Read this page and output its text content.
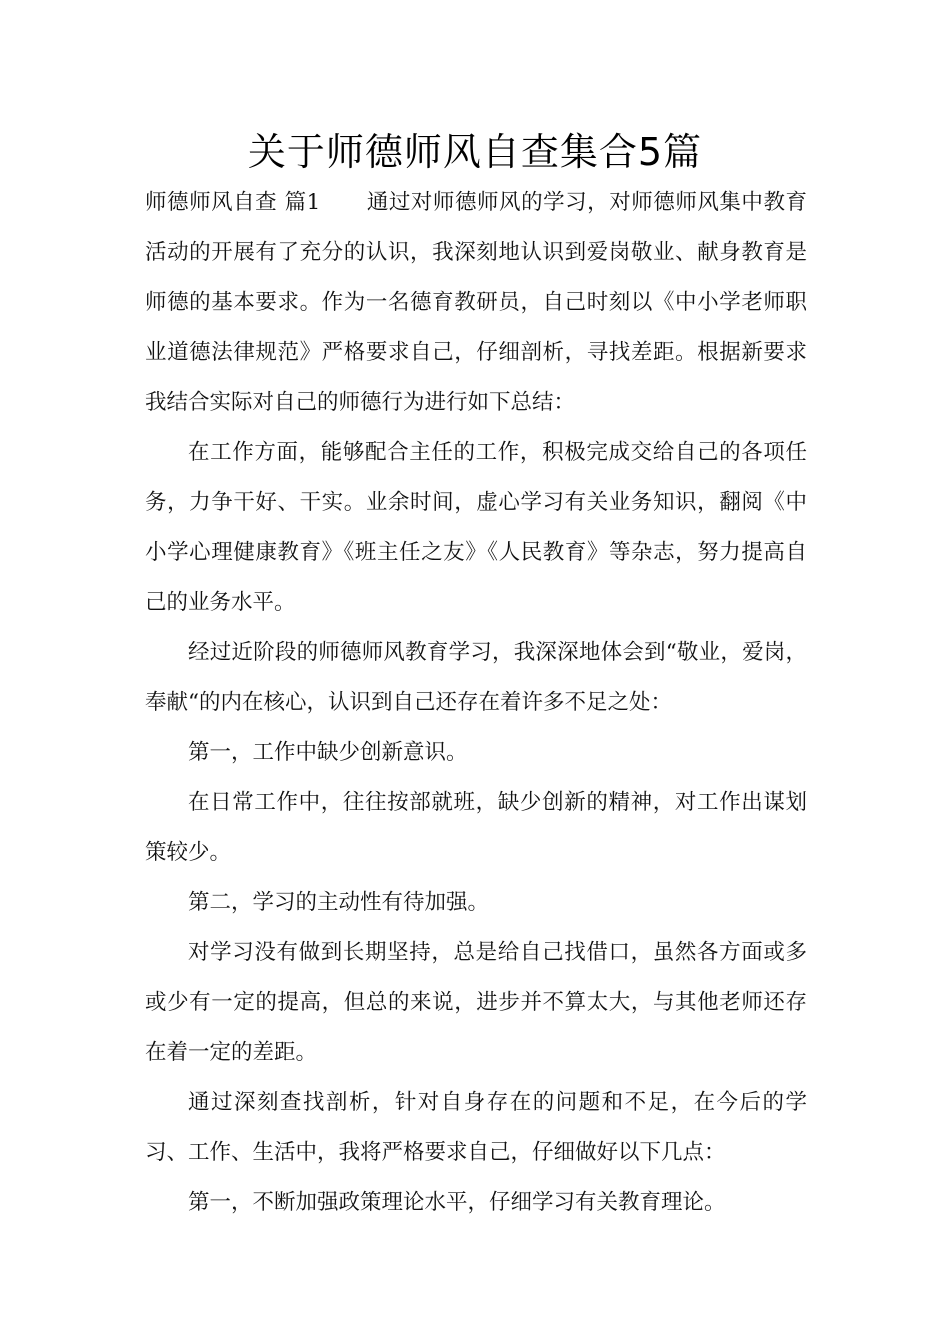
关于师德师风自查集合5篇

师德师风自查 篇1 通过对师德师风的学习，对师德师风集中教育活动的开展有了充分的认识，我深刻地认识到爱岗敬业、献身教育是师德的基本要求。作为一名德育教研员，自己时刻以《中小学老师职业道德法律规范》严格要求自己，仔细剖析，寻找差距。根据新要求我结合实际对自己的师德行为进行如下总结：

在工作方面，能够配合主任的工作，积极完成交给自己的各项任务，力争干好、干实。业余时间，虚心学习有关业务知识，翻阅《中小学心理健康教育》《班主任之友》《人民教育》等杂志，努力提高自己的业务水平。

经过近阶段的师德师风教育学习，我深深地体会到“敬业，爱岗，奉献“的内在核心，认识到自己还存在着许多不足之处：

第一，工作中缺少创新意识。

在日常工作中，往往按部就班，缺少创新的精神，对工作出谋划策较少。

第二，学习的主动性有待加强。

对学习没有做到长期坚持，总是给自己找借口，虽然各方面或多或少有一定的提高，但总的来说，进步并不算太大，与其他老师还存在着一定的差距。

通过深刻查找剖析，针对自身存在的问题和不足，在今后的学习、工作、生活中，我将严格要求自己，仔细做好以下几点：

第一，不断加强政策理论水平，仔细学习有关教育理论。
